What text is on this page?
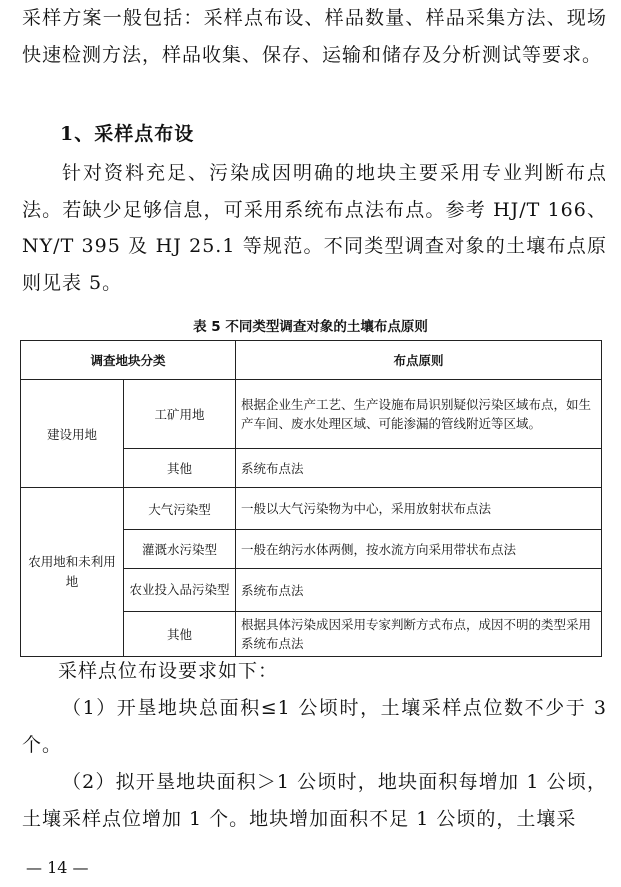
采样方案一般包括：采样点布设、样品数量、样品采集方法、现场快速检测方法，样品收集、保存、运输和储存及分析测试等要求。

1、采样点布设

针对资料充足、污染成因明确的地块主要采用专业判断布点法。若缺少足够信息，可采用系统布点法布点。参考 HJ/T 166、NY/T 395 及 HJ 25.1 等规范。不同类型调查对象的土壤布点原则见表 5。

表 5 不同类型调查对象的土壤布点原则
调查地块分类		布点原则
建设用地	工矿用地	根据企业生产工艺、生产设施布局识别疑似污染区域布点，如生产车间、废水处理区域、可能渗漏的管线附近等区域。
	其他	系统布点法
农用地和未利用地	大气污染型	一般以大气污染物为中心，采用放射状布点法
	灌溉水污染型	一般在纳污水体两侧，按水流方向采用带状布点法
	农业投入品污染型	系统布点法
	其他	根据具体污染成因采用专家判断方式布点，成因不明的类型采用系统布点法

采样点位布设要求如下：

（1）开垦地块总面积≤1 公顷时，土壤采样点位数不少于 3 个。

（2）拟开垦地块面积＞1 公顷时，地块面积每增加 1 公顷，土壤采样点位增加 1 个。地块增加面积不足 1 公顷的，土壤采

— 14 —
